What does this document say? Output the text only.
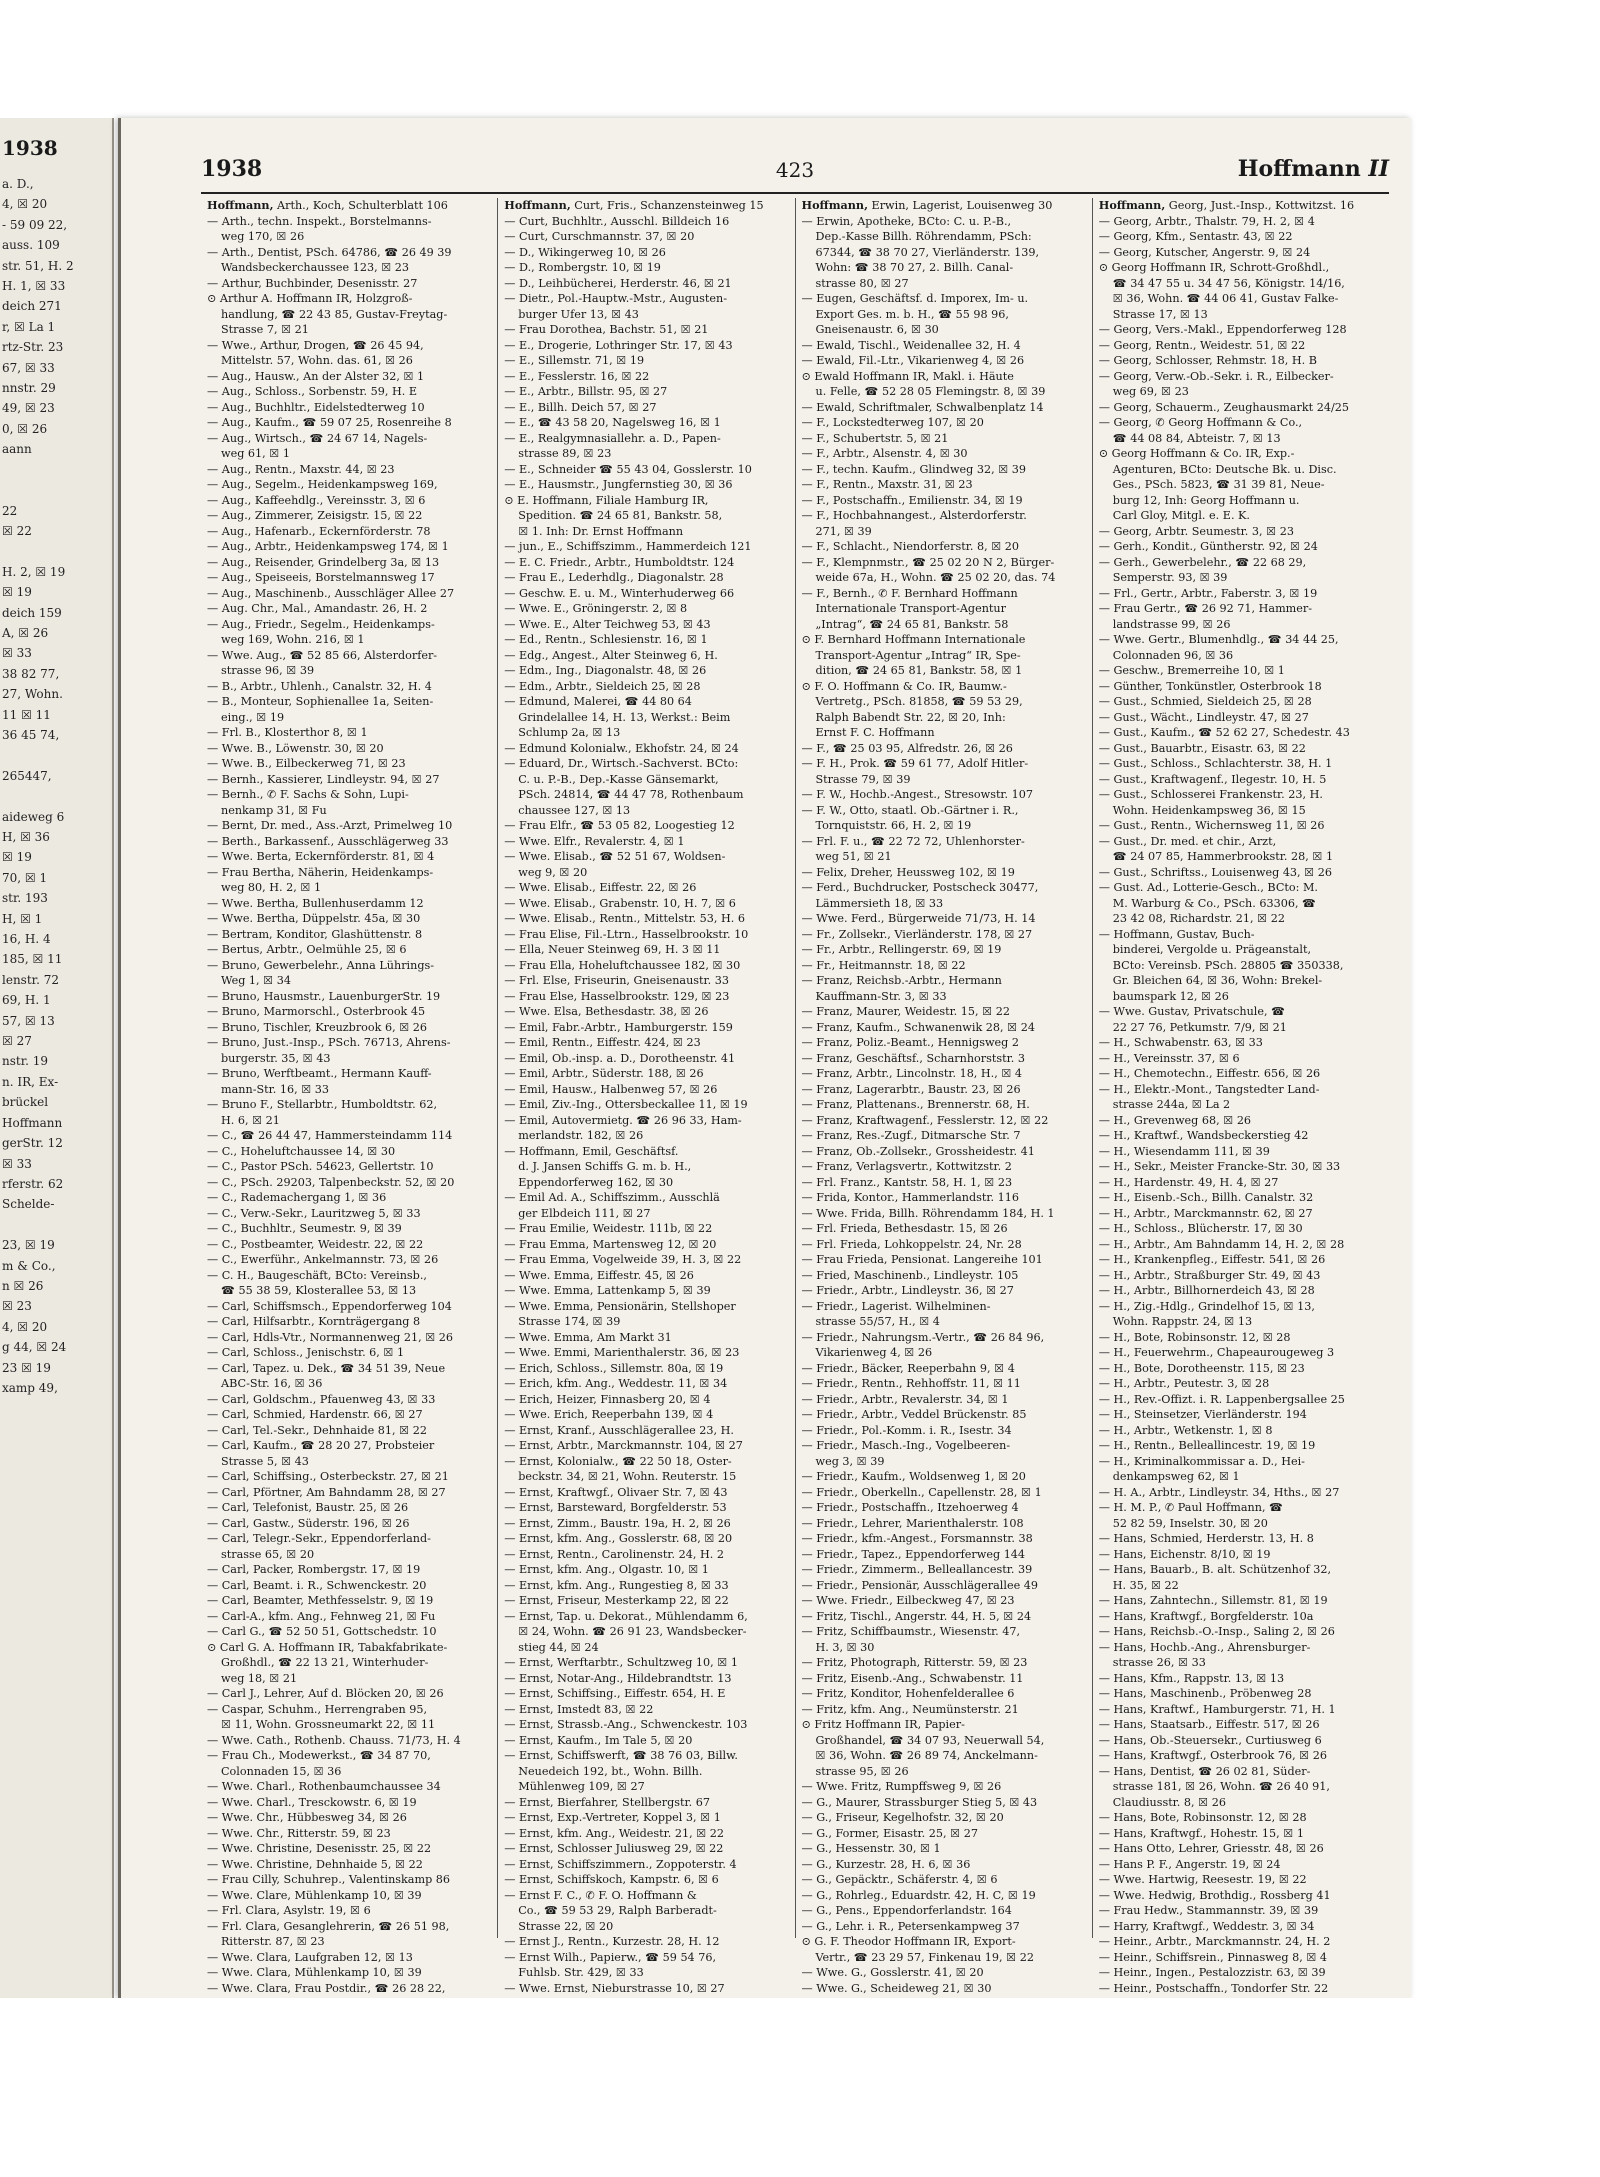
1938
a. D.,
4, ☒ 20
- 59 09 22,
auss. 109
str. 51, H. 2
H. 1, ☒ 33
deich 271
r, ☒ La 1
rtz-Str. 23
67, ☒ 33
nnstr. 29
49, ☒ 23
0, ☒ 26
aann

22
☒ 22

H. 2, ☒ 19
☒ 19
deich 159
A, ☒ 26
☒ 33
38 82 77,
27, Wohn.
11 ☒ 11
36 45 74,

265447,

aideweg 6
H, ☒ 36
☒ 19
70, ☒ 1
str. 193
H, ☒ 1
16, H. 4
185, ☒ 11
lenstr. 72
69, H. 1
57, ☒ 13
☒ 27
nstr. 19
n. IR, Ex-
brückel
Hoffmann
gerStr. 12
☒ 33
rferstr. 62
Schelde-

23, ☒ 19
m & Co.,
n ☒ 26
☒ 23
4, ☒ 20
g 44, ☒ 24
23 ☒ 19
xamp 49,
1938	423	Hoffmann II
Hoffmann, Arth., Koch, Schulterblatt 106
— Arth., techn. Inspekt., Borstelmanns-
weg 170, ☒ 26
— Arth., Dentist, PSch. 64786, ☎ 26 49 39
Wandsbeckerchaussee 123, ☒ 23
— Arthur, Buchbinder, Desenisstr. 27
⊙ Arthur A. Hoffmann IR, Holzgroß-
handlung, ☎ 22 43 85, Gustav-Freytag-
Strasse 7, ☒ 21
— Wwe., Arthur, Drogen, ☎ 26 45 94,
Mittelstr. 57, Wohn. das. 61, ☒ 26
— Aug., Hausw., An der Alster 32, ☒ 1
— Aug., Schloss., Sorbenstr. 59, H. E
— Aug., Buchhltr., Eidelstedterweg 10
— Aug., Kaufm., ☎ 59 07 25, Rosenreihe 8
— Aug., Wirtsch., ☎ 24 67 14, Nagels-
weg 61, ☒ 1
— Aug., Rentn., Maxstr. 44, ☒ 23
— Aug., Segelm., Heidenkampsweg 169,
— Aug., Kaffeehdlg., Vereinsstr. 3, ☒ 6
— Aug., Zimmerer, Zeisigstr. 15, ☒ 22
— Aug., Hafenarb., Eckernförderstr. 78
— Aug., Arbtr., Heidenkampsweg 174, ☒ 1
— Aug., Reisender, Grindelberg 3a, ☒ 13
— Aug., Speiseeis, Borstelmannsweg 17
— Aug., Maschinenb., Ausschläger Allee 27
— Aug. Chr., Mal., Amandastr. 26, H. 2
— Aug., Friedr., Segelm., Heidenkamps-
weg 169, Wohn. 216, ☒ 1
— Wwe. Aug., ☎ 52 85 66, Alsterdorfer-
strasse 96, ☒ 39
— B., Arbtr., Uhlenh., Canalstr. 32, H. 4
— B., Monteur, Sophienallee 1a, Seiten-
eing., ☒ 19
— Frl. B., Klosterthor 8, ☒ 1
— Wwe. B., Löwenstr. 30, ☒ 20
— Wwe. B., Eilbeckerweg 71, ☒ 23
— Bernh., Kassierer, Lindleystr. 94, ☒ 27
— Bernh., ✆ F. Sachs & Sohn, Lupi-
nenkamp 31, ☒ Fu
— Bernt, Dr. med., Ass.-Arzt, Primelweg 10
— Berth., Barkassenf., Ausschlägerweg 33
— Wwe. Berta, Eckernförderstr. 81, ☒ 4
— Frau Bertha, Näherin, Heidenkamps-
weg 80, H. 2, ☒ 1
— Wwe. Bertha, Bullenhuserdamm 12
— Wwe. Bertha, Düppelstr. 45a, ☒ 30
— Bertram, Konditor, Glashüttenstr. 8
— Bertus, Arbtr., Oelmühle 25, ☒ 6
— Bruno, Gewerbelehr., Anna Lührings-
Weg 1, ☒ 34
— Bruno, Hausmstr., LauenburgerStr. 19
— Bruno, Marmorschl., Osterbrook 45
— Bruno, Tischler, Kreuzbrook 6, ☒ 26
— Bruno, Just.-Insp., PSch. 76713, Ahrens-
burgerstr. 35, ☒ 43
— Bruno, Werftbeamt., Hermann Kauff-
mann-Str. 16, ☒ 33
— Bruno F., Stellarbtr., Humboldtstr. 62,
H. 6, ☒ 21
— C., ☎ 26 44 47, Hammersteindamm 114
— C., Hoheluftchaussee 14, ☒ 30
— C., Pastor PSch. 54623, Gellertstr. 10
— C., PSch. 29203, Talpenbeckstr. 52, ☒ 20
— C., Rademachergang 1, ☒ 36
— C., Verw.-Sekr., Lauritzweg 5, ☒ 33
— C., Buchhltr., Seumestr. 9, ☒ 39
— C., Postbeamter, Weidestr. 22, ☒ 22
— C., Ewerführ., Ankelmannstr. 73, ☒ 26
— C. H., Baugeschäft, BCto: Vereinsb.,
☎ 55 38 59, Klosterallee 53, ☒ 13
— Carl, Schiffsmsch., Eppendorferweg 104
— Carl, Hilfsarbtr., Kornträgergang 8
— Carl, Hdls-Vtr., Normannenweg 21, ☒ 26
— Carl, Schloss., Jenischstr. 6, ☒ 1
— Carl, Tapez. u. Dek., ☎ 34 51 39, Neue
ABC-Str. 16, ☒ 36
— Carl, Goldschm., Pfauenweg 43, ☒ 33
— Carl, Schmied, Hardenstr. 66, ☒ 27
— Carl, Tel.-Sekr., Dehnhaide 81, ☒ 22
— Carl, Kaufm., ☎ 28 20 27, Probsteier
Strasse 5, ☒ 43
— Carl, Schiffsing., Osterbeckstr. 27, ☒ 21
— Carl, Pförtner, Am Bahndamm 28, ☒ 27
— Carl, Telefonist, Baustr. 25, ☒ 26
— Carl, Gastw., Süderstr. 196, ☒ 26
— Carl, Telegr.-Sekr., Eppendorferland-
strasse 65, ☒ 20
— Carl, Packer, Rombergstr. 17, ☒ 19
— Carl, Beamt. i. R., Schwenckestr. 20
— Carl, Beamter, Methfesselstr. 9, ☒ 19
— Carl-A., kfm. Ang., Fehnweg 21, ☒ Fu
— Carl G., ☎ 52 50 51, Gottschedstr. 10
⊙ Carl G. A. Hoffmann IR, Tabakfabrikate-
Großhdl., ☎ 22 13 21, Winterhuder-
weg 18, ☒ 21
— Carl J., Lehrer, Auf d. Blöcken 20, ☒ 26
— Caspar, Schuhm., Herrengraben 95,
☒ 11, Wohn. Grossneumarkt 22, ☒ 11
— Wwe. Cath., Rothenb. Chauss. 71/73, H. 4
— Frau Ch., Modewerkst., ☎ 34 87 70,
Colonnaden 15, ☒ 36
— Wwe. Charl., Rothenbaumchaussee 34
— Wwe. Charl., Tresckowstr. 6, ☒ 19
— Wwe. Chr., Hübbesweg 34, ☒ 26
— Wwe. Chr., Ritterstr. 59, ☒ 23
— Wwe. Christine, Desenisstr. 25, ☒ 22
— Wwe. Christine, Dehnhaide 5, ☒ 22
— Frau Cilly, Schuhrep., Valentinskamp 86
— Wwe. Clare, Mühlenkamp 10, ☒ 39
— Frl. Clara, Asylstr. 19, ☒ 6
— Frl. Clara, Gesanglehrerin, ☎ 26 51 98,
Ritterstr. 87, ☒ 23
— Wwe. Clara, Laufgraben 12, ☒ 13
— Wwe. Clara, Mühlenkamp 10, ☒ 39
— Wwe. Clara, Frau Postdir., ☎ 26 28 22,
Hoffmann, Curt, Fris., Schanzensteinweg 15
— Curt, Buchhltr., Ausschl. Billdeich 16
— Curt, Curschmannstr. 37, ☒ 20
— D., Wikingerweg 10, ☒ 26
— D., Rombergstr. 10, ☒ 19
— D., Leihbücherei, Herderstr. 46, ☒ 21
— Dietr., Pol.-Hauptw.-Mstr., Augusten-
burger Ufer 13, ☒ 43
— Frau Dorothea, Bachstr. 51, ☒ 21
— E., Drogerie, Lothringer Str. 17, ☒ 43
— E., Sillemstr. 71, ☒ 19
— E., Fesslerstr. 16, ☒ 22
— E., Arbtr., Billstr. 95, ☒ 27
— E., Billh. Deich 57, ☒ 27
— E., ☎ 43 58 20, Nagelsweg 16, ☒ 1
— E., Realgymnasiallehr. a. D., Papen-
strasse 89, ☒ 23
— E., Schneider ☎ 55 43 04, Gosslerstr. 10
— E., Hausmstr., Jungfernstieg 30, ☒ 36
⊙ E. Hoffmann, Filiale Hamburg IR,
Spedition. ☎ 24 65 81, Bankstr. 58,
☒ 1. Inh: Dr. Ernst Hoffmann
— jun., E., Schiffszimm., Hammerdeich 121
— E. C. Friedr., Arbtr., Humboldtstr. 124
— Frau E., Lederhdlg., Diagonalstr. 28
— Geschw. E. u. M., Winterhuderweg 66
— Wwe. E., Gröningerstr. 2, ☒ 8
— Wwe. E., Alter Teichweg 53, ☒ 43
— Ed., Rentn., Schlesienstr. 16, ☒ 1
— Edg., Angest., Alter Steinweg 6, H.
— Edm., Ing., Diagonalstr. 48, ☒ 26
— Edm., Arbtr., Sieldeich 25, ☒ 28
— Edmund, Malerei, ☎ 44 80 64
Grindelallee 14, H. 13, Werkst.: Beim
Schlump 2a, ☒ 13
— Edmund Kolonialw., Ekhofstr. 24, ☒ 24
— Eduard, Dr., Wirtsch.-Sachverst. BCto:
C. u. P.-B., Dep.-Kasse Gänsemarkt,
PSch. 24814, ☎ 44 47 78, Rothenbaum
chaussee 127, ☒ 13
— Frau Elfr., ☎ 53 05 82, Loogestieg 12
— Wwe. Elfr., Revalerstr. 4, ☒ 1
— Wwe. Elisab., ☎ 52 51 67, Woldsen-
weg 9, ☒ 20
— Wwe. Elisab., Eiffestr. 22, ☒ 26
— Wwe. Elisab., Grabenstr. 10, H. 7, ☒ 6
— Wwe. Elisab., Rentn., Mittelstr. 53, H. 6
— Frau Elise, Fil.-Ltrn., Hasselbrookstr. 10
— Ella, Neuer Steinweg 69, H. 3 ☒ 11
— Frau Ella, Hoheluftchaussee 182, ☒ 30
— Frl. Else, Friseurin, Gneisenaustr. 33
— Frau Else, Hasselbrookstr. 129, ☒ 23
— Wwe. Elsa, Bethesdastr. 38, ☒ 26
— Emil, Fabr.-Arbtr., Hamburgerstr. 159
— Emil, Rentn., Eiffestr. 424, ☒ 23
— Emil, Ob.-insp. a. D., Dorotheenstr. 41
— Emil, Arbtr., Süderstr. 188, ☒ 26
— Emil, Hausw., Halbenweg 57, ☒ 26
— Emil, Ziv.-Ing., Ottersbeckallee 11, ☒ 19
— Emil, Autovermietg. ☎ 26 96 33, Ham-
merlandstr. 182, ☒ 26
— Hoffmann, Emil, Geschäftsf.
d. J. Jansen Schiffs G. m. b. H.,
Eppendorferweg 162, ☒ 30
— Emil Ad. A., Schiffszimm., Ausschlä
ger Elbdeich 111, ☒ 27
— Frau Emilie, Weidestr. 111b, ☒ 22
— Frau Emma, Martensweg 12, ☒ 20
— Frau Emma, Vogelweide 39, H. 3, ☒ 22
— Wwe. Emma, Eiffestr. 45, ☒ 26
— Wwe. Emma, Lattenkamp 5, ☒ 39
— Wwe. Emma, Pensionärin, Stellshoper
Strasse 174, ☒ 39
— Wwe. Emma, Am Markt 31
— Wwe. Emmi, Marienthalerstr. 36, ☒ 23
— Erich, Schloss., Sillemstr. 80a, ☒ 19
— Erich, kfm. Ang., Weddestr. 11, ☒ 34
— Erich, Heizer, Finnasberg 20, ☒ 4
— Wwe. Erich, Reeperbahn 139, ☒ 4
— Ernst, Kranf., Ausschlägerallee 23, H.
— Ernst, Arbtr., Marckmannstr. 104, ☒ 27
— Ernst, Kolonialw., ☎ 22 50 18, Oster-
beckstr. 34, ☒ 21, Wohn. Reuterstr. 15
— Ernst, Kraftwgf., Olivaer Str. 7, ☒ 43
— Ernst, Barsteward, Borgfelderstr. 53
— Ernst, Zimm., Baustr. 19a, H. 2, ☒ 26
— Ernst, kfm. Ang., Gosslerstr. 68, ☒ 20
— Ernst, Rentn., Carolinenstr. 24, H. 2
— Ernst, kfm. Ang., Olgastr. 10, ☒ 1
— Ernst, kfm. Ang., Rungestieg 8, ☒ 33
— Ernst, Friseur, Mesterkamp 22, ☒ 22
— Ernst, Tap. u. Dekorat., Mühlendamm 6,
☒ 24, Wohn. ☎ 26 91 23, Wandsbecker-
stieg 44, ☒ 24
— Ernst, Werftarbtr., Schultzweg 10, ☒ 1
— Ernst, Notar-Ang., Hildebrandtstr. 13
— Ernst, Schiffsing., Eiffestr. 654, H. E
— Ernst, Imstedt 83, ☒ 22
— Ernst, Strassb.-Ang., Schwenckestr. 103
— Ernst, Kaufm., Im Tale 5, ☒ 20
— Ernst, Schiffswerft, ☎ 38 76 03, Billw.
Neuedeich 192, bt., Wohn. Billh.
Mühlenweg 109, ☒ 27
— Ernst, Bierfahrer, Stellbergstr. 67
— Ernst, Exp.-Vertreter, Koppel 3, ☒ 1
— Ernst, kfm. Ang., Weidestr. 21, ☒ 22
— Ernst, Schlosser Juliusweg 29, ☒ 22
— Ernst, Schiffszimmern., Zoppoterstr. 4
— Ernst, Schiffskoch, Kampstr. 6, ☒ 6
— Ernst F. C., ✆ F. O. Hoffmann &
Co., ☎ 59 53 29, Ralph Barberadt-
Strasse 22, ☒ 20
— Ernst J., Rentn., Kurzestr. 28, H. 12
— Ernst Wilh., Papierw., ☎ 59 54 76,
Fuhlsb. Str. 429, ☒ 33
— Wwe. Ernst, Nieburstrasse 10, ☒ 27
Hoffmann, Erwin, Lagerist, Louisenweg 30
— Erwin, Apotheke, BCto: C. u. P.-B.,
Dep.-Kasse Billh. Röhrendamm, PSch:
67344, ☎ 38 70 27, Vierländerstr. 139,
Wohn: ☎ 38 70 27, 2. Billh. Canal-
strasse 80, ☒ 27
— Eugen, Geschäftsf. d. Imporex, Im- u.
Export Ges. m. b. H., ☎ 55 98 96,
Gneisenaustr. 6, ☒ 30
— Ewald, Tischl., Weidenallee 32, H. 4
— Ewald, Fil.-Ltr., Vikarienweg 4, ☒ 26
⊙ Ewald Hoffmann IR, Makl. i. Häute
u. Felle, ☎ 52 28 05 Flemingstr. 8, ☒ 39
— Ewald, Schriftmaler, Schwalbenplatz 14
— F., Lockstedterweg 107, ☒ 20
— F., Schubertstr. 5, ☒ 21
— F., Arbtr., Alsenstr. 4, ☒ 30
— F., techn. Kaufm., Glindweg 32, ☒ 39
— F., Rentn., Maxstr. 31, ☒ 23
— F., Postschaffn., Emilienstr. 34, ☒ 19
— F., Hochbahnangest., Alsterdorferstr.
271, ☒ 39
— F., Schlacht., Niendorferstr. 8, ☒ 20
— F., Klempnmstr., ☎ 25 02 20 N 2, Bürger-
weide 67a, H., Wohn. ☎ 25 02 20, das. 74
— F., Bernh., ✆ F. Bernhard Hoffmann
Internationale Transport-Agentur
„Intrag“, ☎ 24 65 81, Bankstr. 58
⊙ F. Bernhard Hoffmann Internationale
Transport-Agentur „Intrag“ IR, Spe-
dition, ☎ 24 65 81, Bankstr. 58, ☒ 1
⊙ F. O. Hoffmann & Co. IR, Baumw.-
Vertretg., PSch. 81858, ☎ 59 53 29,
Ralph Babendt Str. 22, ☒ 20, Inh:
Ernst F. C. Hoffmann
— F., ☎ 25 03 95, Alfredstr. 26, ☒ 26
— F. H., Prok. ☎ 59 61 77, Adolf Hitler-
Strasse 79, ☒ 39
— F. W., Hochb.-Angest., Stresowstr. 107
— F. W., Otto, staatl. Ob.-Gärtner i. R.,
Tornquiststr. 66, H. 2, ☒ 19
— Frl. F. u., ☎ 22 72 72, Uhlenhorster-
weg 51, ☒ 21
— Felix, Dreher, Heussweg 102, ☒ 19
— Ferd., Buchdrucker, Postscheck 30477,
Lämmersieth 18, ☒ 33
— Wwe. Ferd., Bürgerweide 71/73, H. 14
— Fr., Zollsekr., Vierländerstr. 178, ☒ 27
— Fr., Arbtr., Rellingerstr. 69, ☒ 19
— Fr., Heitmannstr. 18, ☒ 22
— Franz, Reichsb.-Arbtr., Hermann
Kauffmann-Str. 3, ☒ 33
— Franz, Maurer, Weidestr. 15, ☒ 22
— Franz, Kaufm., Schwanenwik 28, ☒ 24
— Franz, Poliz.-Beamt., Hennigsweg 2
— Franz, Geschäftsf., Scharnhorststr. 3
— Franz, Arbtr., Lincolnstr. 18, H., ☒ 4
— Franz, Lagerarbtr., Baustr. 23, ☒ 26
— Franz, Plattenans., Brennerstr. 68, H.
— Franz, Kraftwagenf., Fesslerstr. 12, ☒ 22
— Franz, Res.-Zugf., Ditmarsche Str. 7
— Franz, Ob.-Zollsekr., Grossheidestr. 41
— Franz, Verlagsvertr., Kottwitzstr. 2
— Frl. Franz., Kantstr. 58, H. 1, ☒ 23
— Frida, Kontor., Hammerlandstr. 116
— Wwe. Frida, Billh. Röhrendamm 184, H. 1
— Frl. Frieda, Bethesdastr. 15, ☒ 26
— Frl. Frieda, Lohkoppelstr. 24, Nr. 28
— Frau Frieda, Pensionat. Langereihe 101
— Fried, Maschinenb., Lindleystr. 105
— Friedr., Arbtr., Lindleystr. 36, ☒ 27
— Friedr., Lagerist. Wilhelminen-
strasse 55/57, H., ☒ 4
— Friedr., Nahrungsm.-Vertr., ☎ 26 84 96,
Vikarienweg 4, ☒ 26
— Friedr., Bäcker, Reeperbahn 9, ☒ 4
— Friedr., Rentn., Rehhoffstr. 11, ☒ 11
— Friedr., Arbtr., Revalerstr. 34, ☒ 1
— Friedr., Arbtr., Veddel Brückenstr. 85
— Friedr., Pol.-Komm. i. R., Isestr. 34
— Friedr., Masch.-Ing., Vogelbeeren-
weg 3, ☒ 39
— Friedr., Kaufm., Woldsenweg 1, ☒ 20
— Friedr., Oberkelln., Capellenstr. 28, ☒ 1
— Friedr., Postschaffn., Itzehoerweg 4
— Friedr., Lehrer, Marienthalerstr. 108
— Friedr., kfm.-Angest., Forsmannstr. 38
— Friedr., Tapez., Eppendorferweg 144
— Friedr., Zimmerm., Belleallancestr. 39
— Friedr., Pensionär, Ausschlägerallee 49
— Wwe. Friedr., Eilbeckweg 47, ☒ 23
— Fritz, Tischl., Angerstr. 44, H. 5, ☒ 24
— Fritz, Schiffbaumstr., Wiesenstr. 47,
H. 3, ☒ 30
— Fritz, Photograph, Ritterstr. 59, ☒ 23
— Fritz, Eisenb.-Ang., Schwabenstr. 11
— Fritz, Konditor, Hohenfelderallee 6
— Fritz, kfm. Ang., Neumünsterstr. 21
⊙ Fritz Hoffmann IR, Papier-
Großhandel, ☎ 34 07 93, Neuerwall 54,
☒ 36, Wohn. ☎ 26 89 74, Anckelmann-
strasse 95, ☒ 26
— Wwe. Fritz, Rumpffsweg 9, ☒ 26
— G., Maurer, Strassburger Stieg 5, ☒ 43
— G., Friseur, Kegelhofstr. 32, ☒ 20
— G., Former, Eisastr. 25, ☒ 27
— G., Hessenstr. 30, ☒ 1
— G., Kurzestr. 28, H. 6, ☒ 36
— G., Gepäcktr., Schäferstr. 4, ☒ 6
— G., Rohrleg., Eduardstr. 42, H. C, ☒ 19
— G., Pens., Eppendorferlandstr. 164
— G., Lehr. i. R., Petersenkampweg 37
⊙ G. F. Theodor Hoffmann IR, Export-
Vertr., ☎ 23 29 57, Finkenau 19, ☒ 22
— Wwe. G., Gosslerstr. 41, ☒ 20
— Wwe. G., Scheideweg 21, ☒ 30
Hoffmann, Georg, Just.-Insp., Kottwitzst. 16
— Georg, Arbtr., Thalstr. 79, H. 2, ☒ 4
— Georg, Kfm., Sentastr. 43, ☒ 22
— Georg, Kutscher, Angerstr. 9, ☒ 24
⊙ Georg Hoffmann IR, Schrott-Großhdl.,
☎ 34 47 55 u. 34 47 56, Königstr. 14/16,
☒ 36, Wohn. ☎ 44 06 41, Gustav Falke-
Strasse 17, ☒ 13
— Georg, Vers.-Makl., Eppendorferweg 128
— Georg, Rentn., Weidestr. 51, ☒ 22
— Georg, Schlosser, Rehmstr. 18, H. B
— Georg, Verw.-Ob.-Sekr. i. R., Eilbecker-
weg 69, ☒ 23
— Georg, Schauerm., Zeughausmarkt 24/25
— Georg, ✆ Georg Hoffmann & Co.,
☎ 44 08 84, Abteistr. 7, ☒ 13
⊙ Georg Hoffmann & Co. IR, Exp.-
Agenturen, BCto: Deutsche Bk. u. Disc.
Ges., PSch. 5823, ☎ 31 39 81, Neue-
burg 12, Inh: Georg Hoffmann u.
Carl Gloy, Mitgl. e. E. K.
— Georg, Arbtr. Seumestr. 3, ☒ 23
— Gerh., Kondit., Güntherstr. 92, ☒ 24
— Gerh., Gewerbelehr., ☎ 22 68 29,
Semperstr. 93, ☒ 39
— Frl., Gertr., Arbtr., Faberstr. 3, ☒ 19
— Frau Gertr., ☎ 26 92 71, Hammer-
landstrasse 99, ☒ 26
— Wwe. Gertr., Blumenhdlg., ☎ 34 44 25,
Colonnaden 96, ☒ 36
— Geschw., Bremerreihe 10, ☒ 1
— Günther, Tonkünstler, Osterbrook 18
— Gust., Schmied, Sieldeich 25, ☒ 28
— Gust., Wächt., Lindleystr. 47, ☒ 27
— Gust., Kaufm., ☎ 52 62 27, Schedestr. 43
— Gust., Bauarbtr., Eisastr. 63, ☒ 22
— Gust., Schloss., Schlachterstr. 38, H. 1
— Gust., Kraftwagenf., Ilegestr. 10, H. 5
— Gust., Schlosserei Frankenstr. 23, H.
Wohn. Heidenkampsweg 36, ☒ 15
— Gust., Rentn., Wichernsweg 11, ☒ 26
— Gust., Dr. med. et chir., Arzt,
☎ 24 07 85, Hammerbrookstr. 28, ☒ 1
— Gust., Schriftss., Louisenweg 43, ☒ 26
— Gust. Ad., Lotterie-Gesch., BCto: M.
M. Warburg & Co., PSch. 63306, ☎
23 42 08, Richardstr. 21, ☒ 22
— Hoffmann, Gustav, Buch-
binderei, Vergolde u. Prägeanstalt,
BCto: Vereinsb. PSch. 28805 ☎ 350338,
Gr. Bleichen 64, ☒ 36, Wohn: Brekel-
baumspark 12, ☒ 26
— Wwe. Gustav, Privatschule, ☎
22 27 76, Petkumstr. 7/9, ☒ 21
— H., Schwabenstr. 63, ☒ 33
— H., Vereinsstr. 37, ☒ 6
— H., Chemotechn., Eiffestr. 656, ☒ 26
— H., Elektr.-Mont., Tangstedter Land-
strasse 244a, ☒ La 2
— H., Grevenweg 68, ☒ 26
— H., Kraftwf., Wandsbeckerstieg 42
— H., Wiesendamm 111, ☒ 39
— H., Sekr., Meister Francke-Str. 30, ☒ 33
— H., Hardenstr. 49, H. 4, ☒ 27
— H., Eisenb.-Sch., Billh. Canalstr. 32
— H., Arbtr., Marckmannstr. 62, ☒ 27
— H., Schloss., Blücherstr. 17, ☒ 30
— H., Arbtr., Am Bahndamm 14, H. 2, ☒ 28
— H., Krankenpfleg., Eiffestr. 541, ☒ 26
— H., Arbtr., Straßburger Str. 49, ☒ 43
— H., Arbtr., Billhornerdeich 43, ☒ 28
— H., Zig.-Hdlg., Grindelhof 15, ☒ 13,
Wohn. Rappstr. 24, ☒ 13
— H., Bote, Robinsonstr. 12, ☒ 28
— H., Feuerwehrm., Chapeaurougeweg 3
— H., Bote, Dorotheenstr. 115, ☒ 23
— H., Arbtr., Peutestr. 3, ☒ 28
— H., Rev.-Offizt. i. R. Lappenbergsallee 25
— H., Steinsetzer, Vierländerstr. 194
— H., Arbtr., Wetkenstr. 1, ☒ 8
— H., Rentn., Belleallincestr. 19, ☒ 19
— H., Kriminalkommissar a. D., Hei-
denkampsweg 62, ☒ 1
— H. A., Arbtr., Lindleystr. 34, Hths., ☒ 27
— H. M. P., ✆ Paul Hoffmann, ☎
52 82 59, Inselstr. 30, ☒ 20
— Hans, Schmied, Herderstr. 13, H. 8
— Hans, Eichenstr. 8/10, ☒ 19
— Hans, Bauarb., B. alt. Schützenhof 32,
H. 35, ☒ 22
— Hans, Zahntechn., Sillemstr. 81, ☒ 19
— Hans, Kraftwgf., Borgfelderstr. 10a
— Hans, Reichsb.-O.-Insp., Saling 2, ☒ 26
— Hans, Hochb.-Ang., Ahrensburger-
strasse 26, ☒ 33
— Hans, Kfm., Rappstr. 13, ☒ 13
— Hans, Maschinenb., Pröbenweg 28
— Hans, Kraftwf., Hamburgerstr. 71, H. 1
— Hans, Staatsarb., Eiffestr. 517, ☒ 26
— Hans, Ob.-Steuersekr., Curtiusweg 6
— Hans, Kraftwgf., Osterbrook 76, ☒ 26
— Hans, Dentist, ☎ 26 02 81, Süder-
strasse 181, ☒ 26, Wohn. ☎ 26 40 91,
Claudiusstr. 8, ☒ 26
— Hans, Bote, Robinsonstr. 12, ☒ 28
— Hans, Kraftwgf., Hohestr. 15, ☒ 1
— Hans Otto, Lehrer, Griesstr. 48, ☒ 26
— Hans P. F., Angerstr. 19, ☒ 24
— Wwe. Hartwig, Reesestr. 19, ☒ 22
— Wwe. Hedwig, Brothdig., Rossberg 41
— Frau Hedw., Stammannstr. 39, ☒ 39
— Harry, Kraftwgf., Weddestr. 3, ☒ 34
— Heinr., Arbtr., Marckmannstr. 24, H. 2
— Heinr., Schiffsrein., Pinnasweg 8, ☒ 4
— Heinr., Ingen., Pestalozzistr. 63, ☒ 39
— Heinr., Postschaffn., Tondorfer Str. 22
